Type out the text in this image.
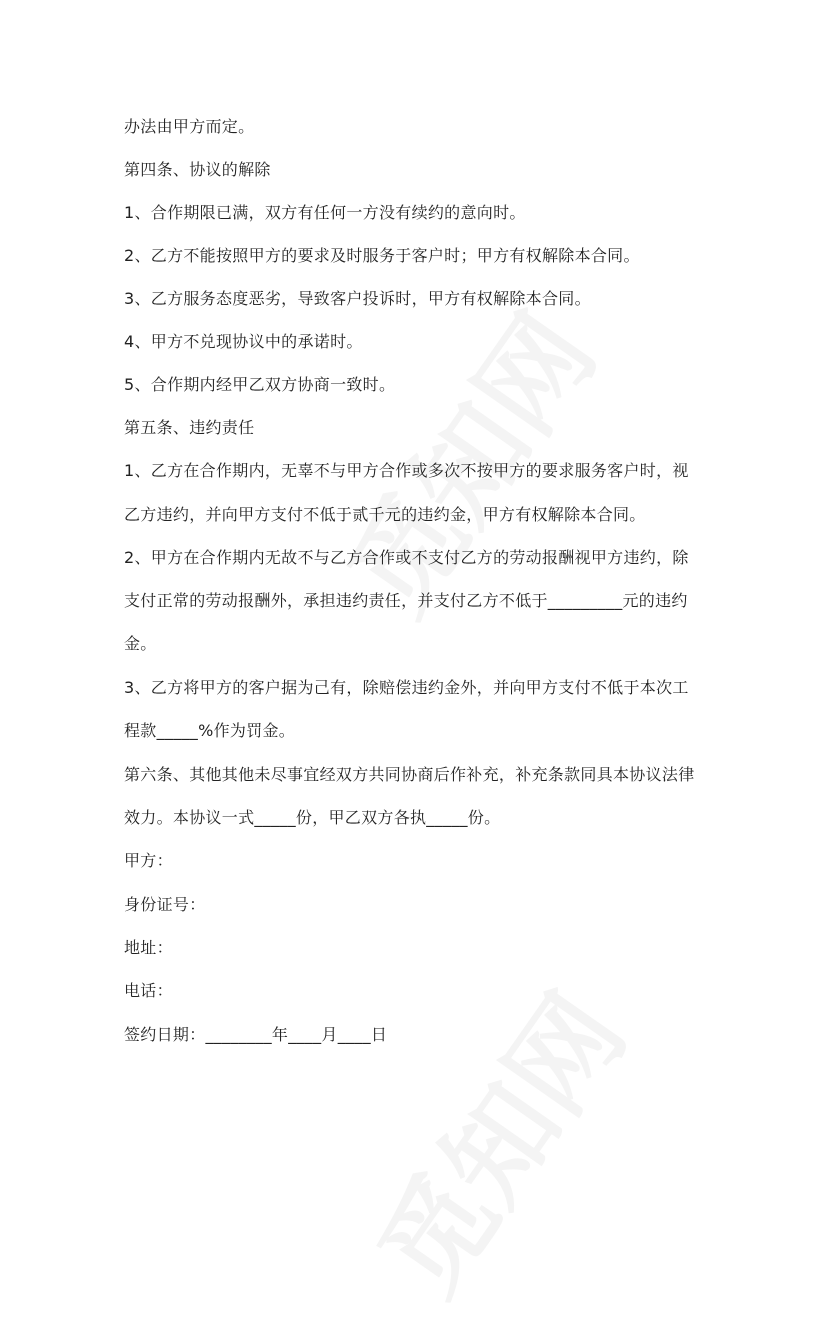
办法由甲方而定。
第四条、协议的解除
1、合作期限已满，双方有任何一方没有续约的意向时。
2、乙方不能按照甲方的要求及时服务于客户时；甲方有权解除本合同。
3、乙方服务态度恶劣，导致客户投诉时，甲方有权解除本合同。
4、甲方不兑现协议中的承诺时。
5、合作期内经甲乙双方协商一致时。
第五条、违约责任
1、乙方在合作期内，无辜不与甲方合作或多次不按甲方的要求服务客户时，视
乙方违约，并向甲方支付不低于贰千元的违约金，甲方有权解除本合同。
2、甲方在合作期内无故不与乙方合作或不支付乙方的劳动报酬视甲方违约，除
支付正常的劳动报酬外，承担违约责任，并支付乙方不低于_________元的违约
金。
3、乙方将甲方的客户据为己有，除赔偿违约金外，并向甲方支付不低于本次工
程款_____%作为罚金。
第六条、其他其他未尽事宜经双方共同协商后作补充，补充条款同具本协议法律
效力。本协议一式_____份，甲乙双方各执_____份。
甲方：
身份证号：
地址：
电话：
签约日期：________年____月____日
